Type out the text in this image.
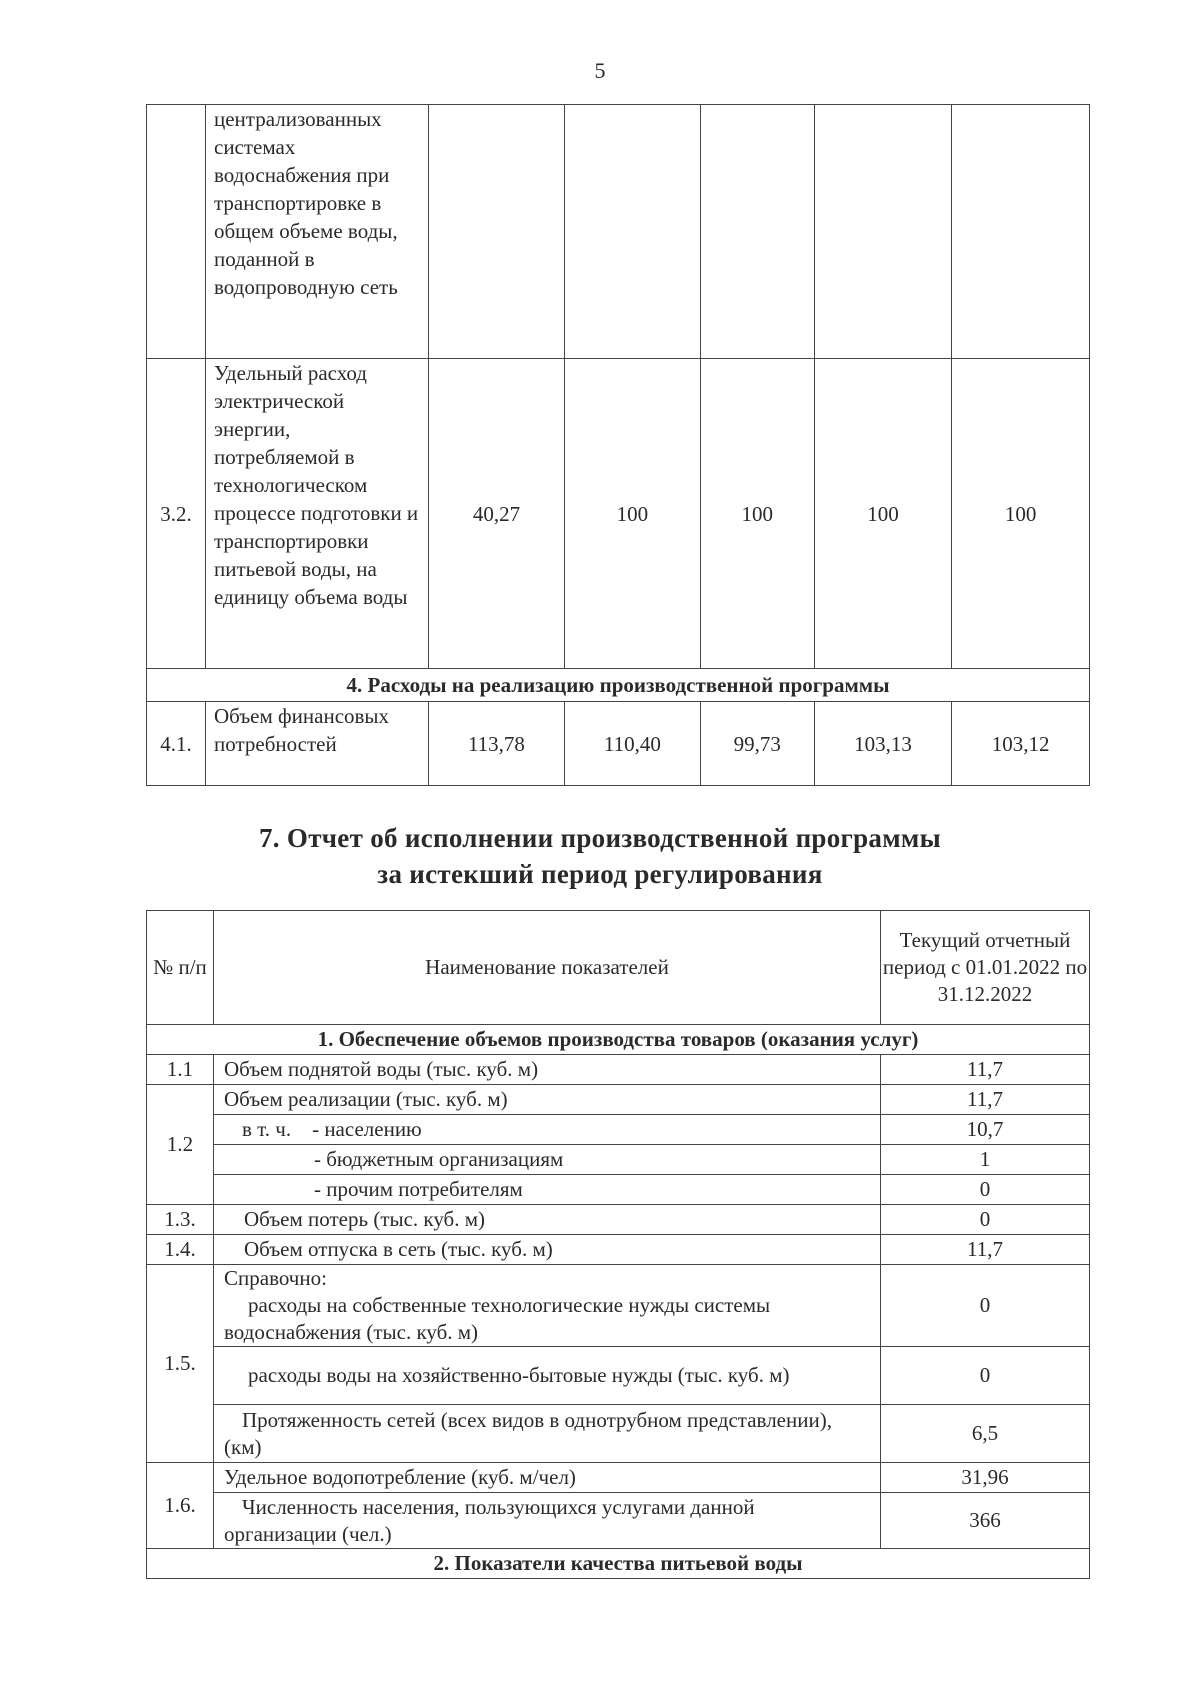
5
	централизованных системах водоснабжения при транспортировке в общем объеме воды, поданной в водопроводную сеть					
3.2.	Удельный расход электрической энергии, потребляемой в технологическом процессе подготовки и транспортировки питьевой воды, на единицу объема воды	40,27	100	100	100	100
4. Расходы на реализацию производственной программы						
4.1.	Объем финансовых потребностей	113,78	110,40	99,73	103,13	103,12
7. Отчет об исполнении производственной программы
за истекший период регулирования
№ п/п	Наименование показателей	Текущий отчетный период с 01.01.2022 по 31.12.2022
1. Обеспечение объемов производства товаров (оказания услуг)		
1.1	Объем поднятой воды (тыс. куб. м)	11,7
1.2	Объем реализации (тыс. куб. м)	11,7
	в т. ч.    - населению	10,7
	- бюджетным организациям	1
	- прочим потребителям	0
1.3.	Объем потерь (тыс. куб. м)	0
1.4.	Объем отпуска в сеть (тыс. куб. м)	11,7
1.5.	Справочно:
расходы на собственные технологические нужды системы водоснабжения (тыс. куб. м)	0
	расходы воды на хозяйственно-бытовые нужды (тыс. куб. м)	0
	Протяженность сетей (всех видов в однотрубном представлении), (км)	6,5
1.6.	Удельное водопотребление (куб. м/чел)	31,96
	Численность населения, пользующихся услугами данной организации (чел.)	366
2. Показатели качества питьевой воды		
